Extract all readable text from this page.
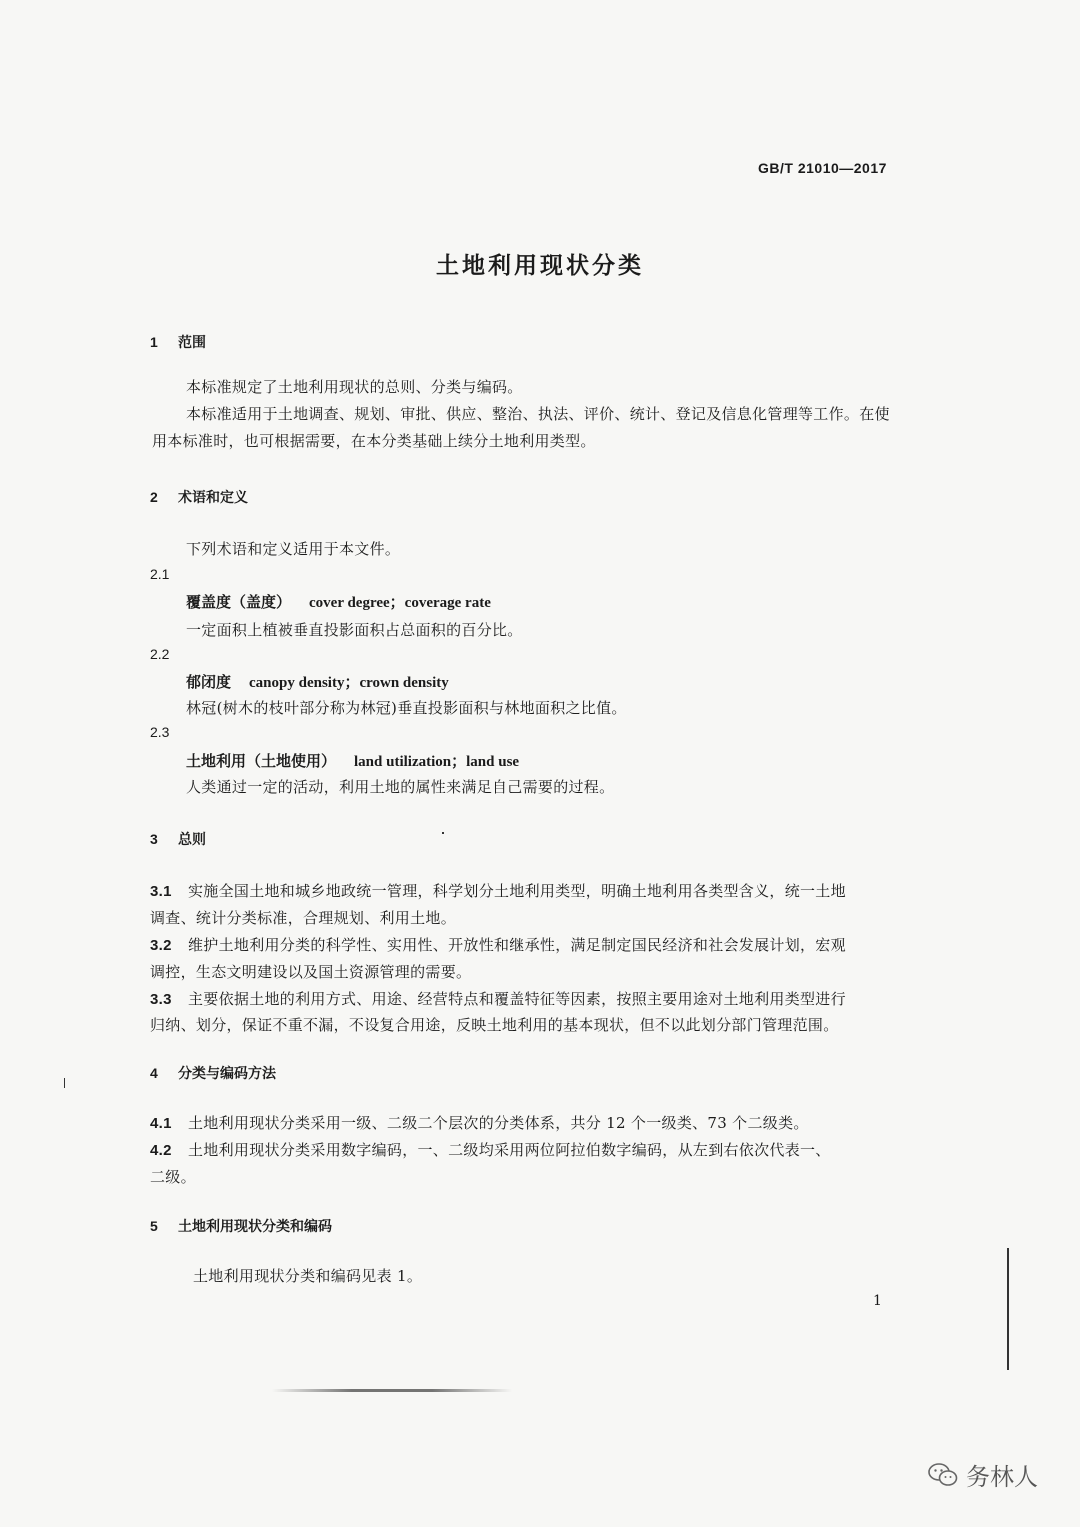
GB/T 21010—2017
土地利用现状分类
1 范围
本标准规定了土地利用现状的总则、分类与编码。
本标准适用于土地调查、规划、审批、供应、整治、执法、评价、统计、登记及信息化管理等工作。在使
用本标准时，也可根据需要，在本分类基础上续分土地利用类型。
2 术语和定义
下列术语和定义适用于本文件。
2.1
覆盖度（盖度） cover degree；coverage rate
一定面积上植被垂直投影面积占总面积的百分比。
2.2
郁闭度 canopy density；crown density
林冠(树木的枝叶部分称为林冠)垂直投影面积与林地面积之比值。
2.3
土地利用（土地使用） land utilization；land use
人类通过一定的活动，利用土地的属性来满足自己需要的过程。
3 总则
3.1 实施全国土地和城乡地政统一管理，科学划分土地利用类型，明确土地利用各类型含义，统一土地
调查、统计分类标准，合理规划、利用土地。
3.2 维护土地利用分类的科学性、实用性、开放性和继承性，满足制定国民经济和社会发展计划，宏观
调控，生态文明建设以及国土资源管理的需要。
3.3 主要依据土地的利用方式、用途、经营特点和覆盖特征等因素，按照主要用途对土地利用类型进行
归纳、划分，保证不重不漏，不设复合用途，反映土地利用的基本现状，但不以此划分部门管理范围。
4 分类与编码方法
4.1 土地利用现状分类采用一级、二级二个层次的分类体系，共分 12 个一级类、73 个二级类。
4.2 土地利用现状分类采用数字编码，一、二级均采用两位阿拉伯数字编码，从左到右依次代表一、
二级。
5 土地利用现状分类和编码
土地利用现状分类和编码见表 1。
1
务林人
